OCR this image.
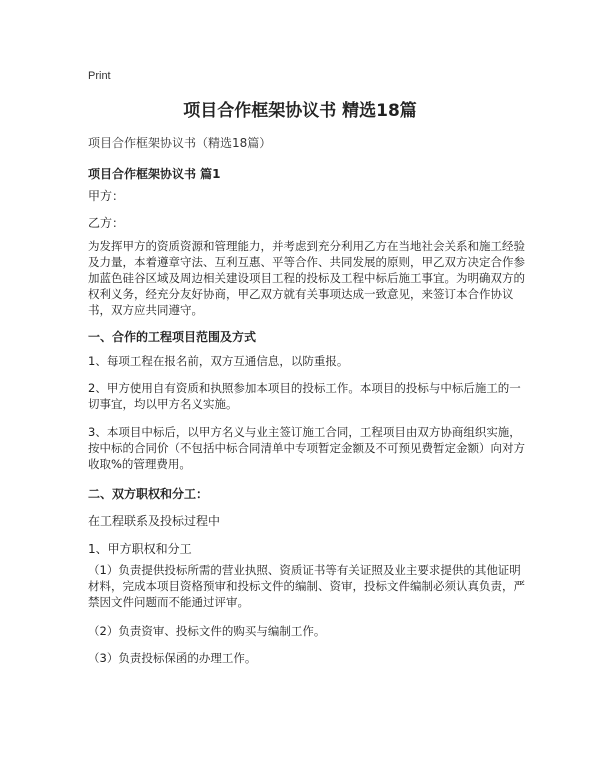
Print
项目合作框架协议书 精选18篇
项目合作框架协议书（精选18篇）
项目合作框架协议书 篇1
甲方：
乙方：
为发挥甲方的资质资源和管理能力，并考虑到充分利用乙方在当地社会关系和施工经验及力量，本着遵章守法、互利互惠、平等合作、共同发展的原则，甲乙双方决定合作参加蓝色硅谷区域及周边相关建设项目工程的投标及工程中标后施工事宜。为明确双方的权利义务，经充分友好协商，甲乙双方就有关事项达成一致意见，来签订本合作协议书，双方应共同遵守。
一、合作的工程项目范围及方式
1、每项工程在报名前，双方互通信息，以防重报。
2、甲方使用自有资质和执照参加本项目的投标工作。本项目的投标与中标后施工的一切事宜，均以甲方名义实施。
3、本项目中标后，以甲方名义与业主签订施工合同，工程项目由双方协商组织实施，按中标的合同价（不包括中标合同清单中专项暂定金额及不可预见费暂定金额）向对方收取%的管理费用。
二、双方职权和分工：
在工程联系及投标过程中
1、甲方职权和分工
（1）负责提供投标所需的营业执照、资质证书等有关证照及业主要求提供的其他证明材料，完成本项目资格预审和投标文件的编制、资审，投标文件编制必须认真负责，严禁因文件问题而不能通过评审。
（2）负责资审、投标文件的购买与编制工作。
（3）负责投标保函的办理工作。
